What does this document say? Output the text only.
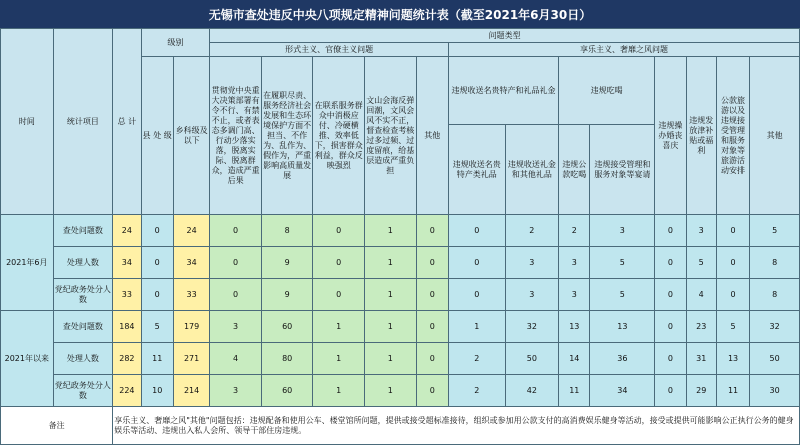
无锡市查处违反中央八项规定精神问题统计表（截至2021年6月30日）
时间	统计项目	总 计	级别		问题类型												
					形式主义、官僚主义问题					享乐主义、奢靡之风问题							
			县 处 级	乡科级及以下	贯彻党中央重大决策部署有令不行、有禁不止，或者表态多调门高、行动少落实落，脱离实际、脱离群众，造成严重后果	在履职尽责、服务经济社会发展和生态环境保护方面不担当、不作为、乱作为、假作为，严重影响高质量发展	在联系服务群众中消极应付、冷硬横推、效率低下，损害群众利益，群众反映强烈	文山会海反弹回潮，文风会风不实不正，督查检查考核过多过频、过度留痕，给基层造成严重负担	其他	违规收送名贵特产和礼品礼金		违规吃喝		违规操办婚丧喜庆	违规发放津补贴或福利	公款旅游以及违规接受管理和服务对象等旅游活动安排	其他
										违规收送名贵特产类礼品	违规收送礼金和其他礼品	违规公款吃喝	违规接受管理和服务对象等宴请				
2021年6月	查处问题数	24	0	24	0	8	0	1	0	0	2	2	3	0	3	0	5
	处理人数	34	0	34	0	9	0	1	0	0	3	3	5	0	5	0	8
	党纪政务处分人数	33	0	33	0	9	0	1	0	0	3	3	5	0	4	0	8
2021年以来	查处问题数	184	5	179	3	60	1	1	0	1	32	13	13	0	23	5	32
	处理人数	282	11	271	4	80	1	1	0	2	50	14	36	0	31	13	50
	党纪政务处分人数	224	10	214	3	60	1	1	0	2	42	11	34	0	29	11	30
备注		享乐主义、奢靡之风"其他"问题包括：违规配备和使用公车、楼堂馆所问题，提供或接受超标准接待，组织或参加用公款支付的高消费娱乐健身等活动，接受或提供可能影响公正执行公务的健身娱乐等活动、违规出入私人会所、领导干部住房违规。															
